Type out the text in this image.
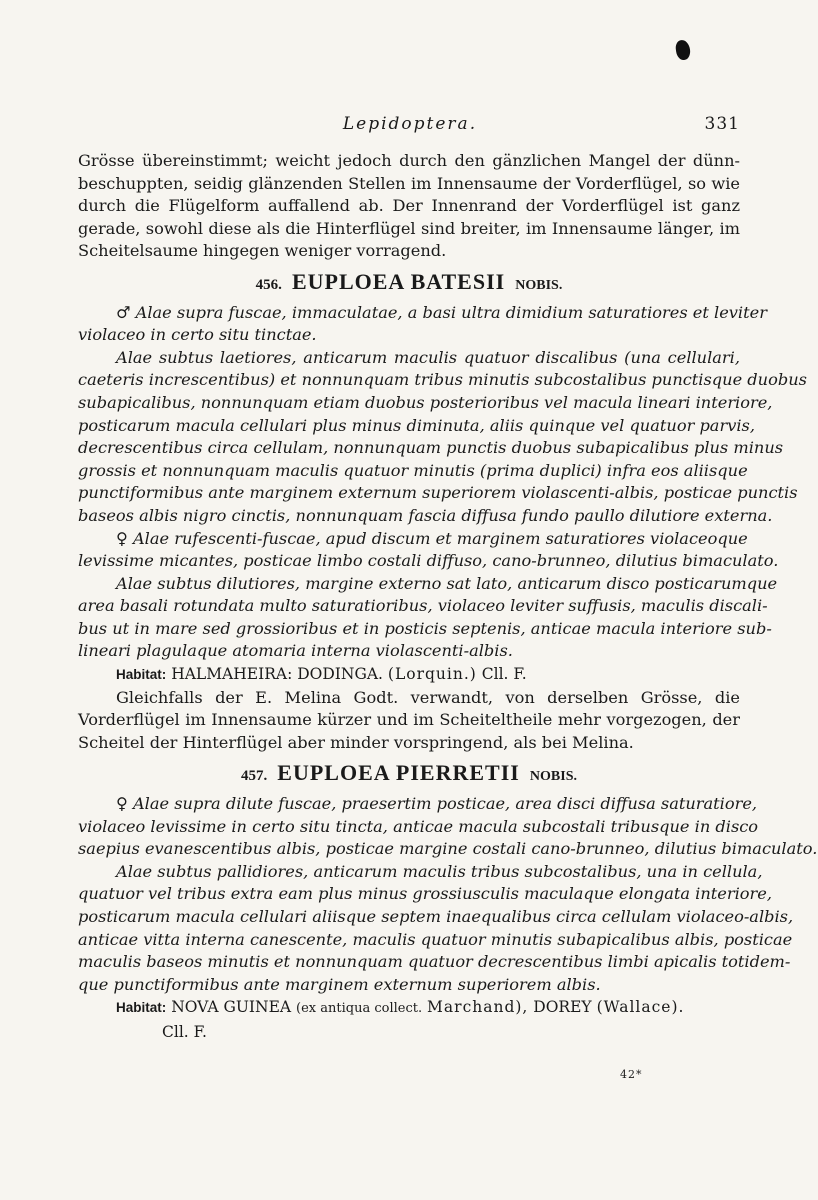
Lepidoptera.	331
Grösse übereinstimmt; weicht jedoch durch den gänzlichen Mangel der dünn-
beschuppten, seidig glänzenden Stellen im Innensaume der Vorderflügel, so wie
durch die Flügelform auffallend ab. Der Innenrand der Vorderflügel ist ganz
gerade, sowohl diese als die Hinterflügel sind breiter, im Innensaume länger, im
Scheitelsaume hingegen weniger vorragend.
456. EUPLOEA BATESII NOBIS.
♂ Alae supra fuscae, immaculatae, a basi ultra dimidium saturatiores et leviter
violaceo in certo situ tinctae.
Alae subtus laetiores, anticarum maculis quatuor discalibus (una cellulari,
caeteris increscentibus) et nonnunquam tribus minutis subcostalibus punctisque duobus
subapicalibus, nonnunquam etiam duobus posterioribus vel macula lineari interiore,
posticarum macula cellulari plus minus diminuta, aliis quinque vel quatuor parvis,
decrescentibus circa cellulam, nonnunquam punctis duobus subapicalibus plus minus
grossis et nonnunquam maculis quatuor minutis (prima duplici) infra eos aliisque
punctiformibus ante marginem externum superiorem violascenti-albis, posticae punctis
baseos albis nigro cinctis, nonnunquam fascia diffusa fundo paullo dilutiore externa.
♀ Alae rufescenti-fuscae, apud discum et marginem saturatiores violaceoque
levissime micantes, posticae limbo costali diffuso, cano-brunneo, dilutius bimaculato.
Alae subtus dilutiores, margine externo sat lato, anticarum disco posticarumque
area basali rotundata multo saturatioribus, violaceo leviter suffusis, maculis discali-
bus ut in mare sed grossioribus et in posticis septenis, anticae macula interiore sub-
lineari plagulaque atomaria interna violascenti-albis.
Habitat: HALMAHEIRA: DODINGA. (Lorquin.) Cll. F.
Gleichfalls der E. Melina Godt. verwandt, von derselben Grösse, die
Vorderflügel im Innensaume kürzer und im Scheiteltheile mehr vorgezogen, der
Scheitel der Hinterflügel aber minder vorspringend, als bei Melina.
457. EUPLOEA PIERRETII NOBIS.
♀ Alae supra dilute fuscae, praesertim posticae, area disci diffusa saturatiore,
violaceo levissime in certo situ tincta, anticae macula subcostali tribusque in disco
saepius evanescentibus albis, posticae margine costali cano-brunneo, dilutius bimaculato.
Alae subtus pallidiores, anticarum maculis tribus subcostalibus, una in cellula,
quatuor vel tribus extra eam plus minus grossiusculis maculaque elongata interiore,
posticarum macula cellulari aliisque septem inaequalibus circa cellulam violaceo-albis,
anticae vitta interna canescente, maculis quatuor minutis subapicalibus albis, posticae
maculis baseos minutis et nonnunquam quatuor decrescentibus limbi apicalis totidem-
que punctiformibus ante marginem externum superiorem albis.
Habitat: NOVA GUINEA (ex antiqua collect. Marchand), DOREY (Wallace).
Cll. F.
42*
